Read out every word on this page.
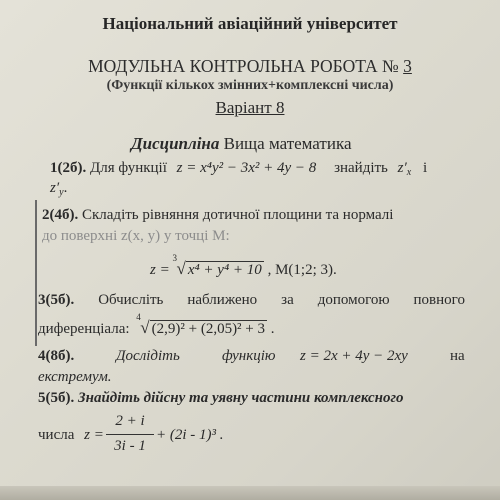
Національний авіаційний університет
МОДУЛЬНА КОНТРОЛЬНА РОБОТА № 3
(Функції кількох змінних+комплексні числа)
Варіант 8
Дисципліна Вища математика
1(2б). Для функції z = x⁴y² − 3x² + 4y − 8 знайдіть $z'_x$ і
$z'_y$.
2(4б). Складіть рівняння дотичної площини та нормалі
до поверхні z(x, y) у точці M:
z =
3
√ x⁴ + y⁴ + 10 , M(1;2; 3).
3(5б). Обчисліть наближено за допомогою повного
диференціала:
4
√ (2,9)² + (2,05)² + 3 .
4(8б).	Дослідіть	функцію z = 2x + 4y − 2xy	на
екстремум.
5(5б). Знайдіть дійсну та уявну частини комплексного
числа z =
2 + i
3i - 1
+ (2i - 1)³ .
